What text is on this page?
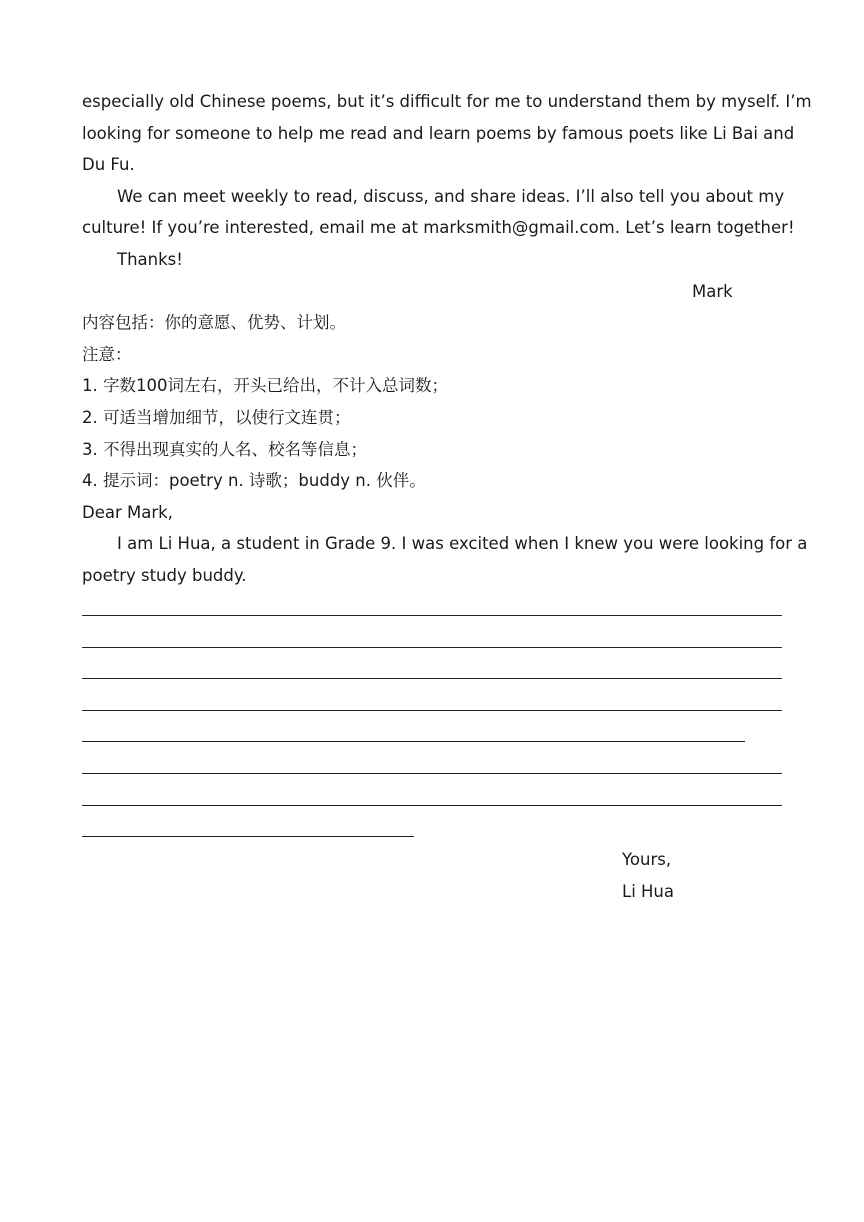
especially old Chinese poems, but it’s difficult for me to understand them by myself. I’m
looking for someone to help me read and learn poems by famous poets like Li Bai and
Du Fu.
We can meet weekly to read, discuss, and share ideas. I’ll also tell you about my
culture! If you’re interested, email me at marksmith@gmail.com. Let’s learn together!
Thanks!
Mark
内容包括：你的意愿、优势、计划。
注意：
1. 字数100词左右，开头已给出，不计入总词数；
2. 可适当增加细节，以使行文连贯；
3. 不得出现真实的人名、校名等信息；
4. 提示词：poetry n. 诗歌；buddy n. 伙伴。
Dear Mark,
I am Li Hua, a student in Grade 9. I was excited when I knew you were looking for a
poetry study buddy.
Yours,
Li Hua
